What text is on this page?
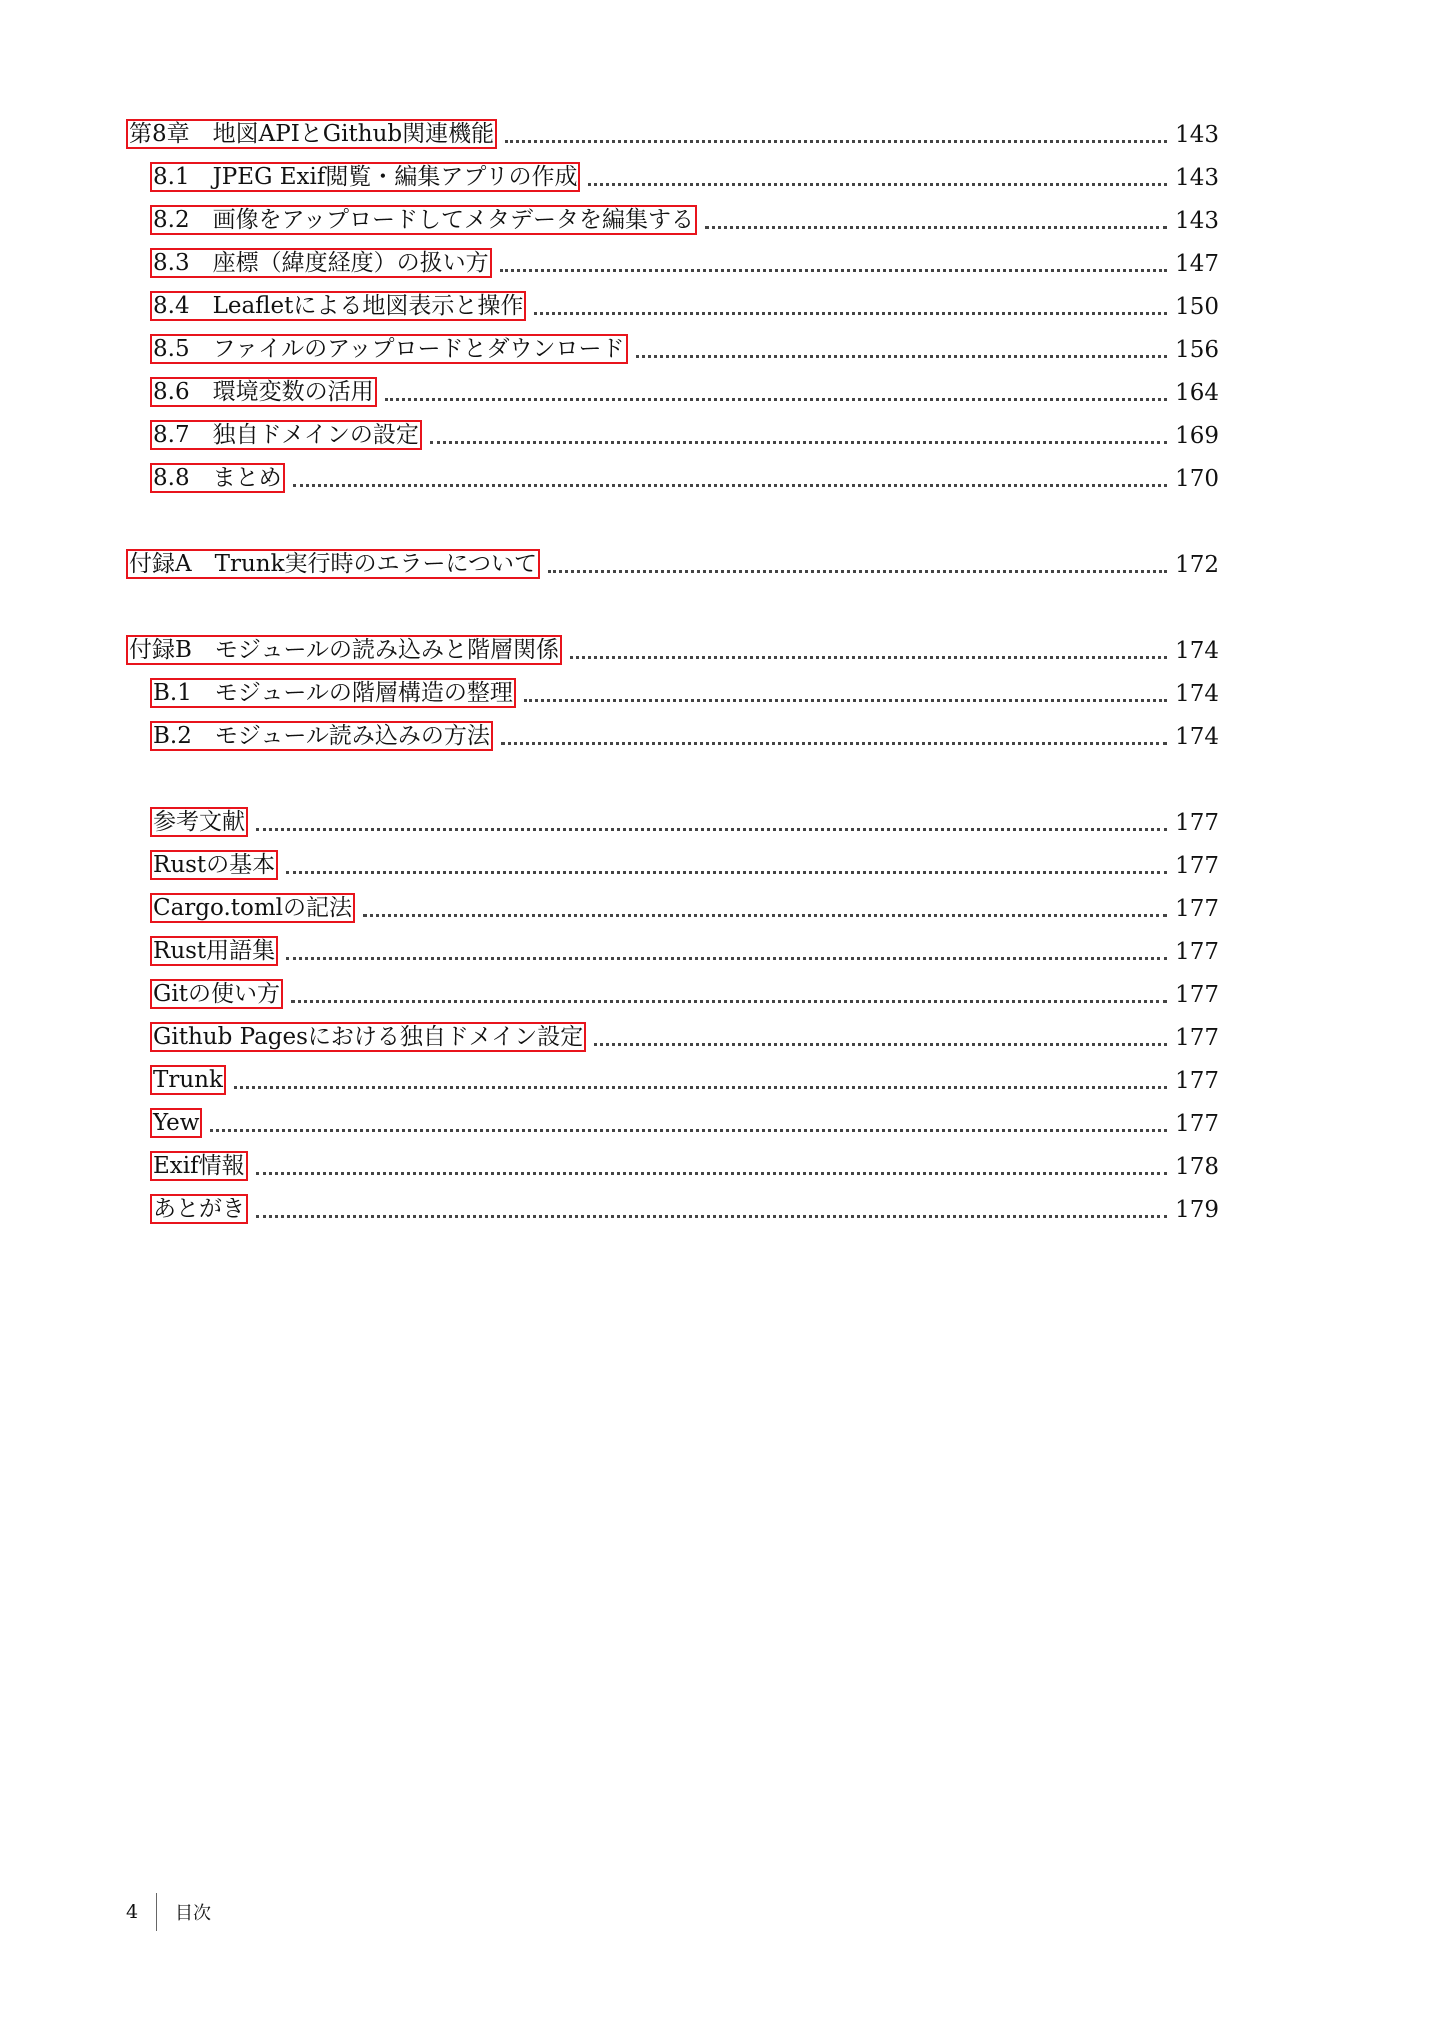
第8章　地図APIとGithub関連機能	143
8.1　JPEG Exif閲覧・編集アプリの作成	143
8.2　画像をアップロードしてメタデータを編集する	143
8.3　座標（緯度経度）の扱い方	147
8.4　Leafletによる地図表示と操作	150
8.5　ファイルのアップロードとダウンロード	156
8.6　環境変数の活用	164
8.7　独自ドメインの設定	169
8.8　まとめ	170
付録A　Trunk実行時のエラーについて	172
付録B　モジュールの読み込みと階層関係	174
B.1　モジュールの階層構造の整理	174
B.2　モジュール読み込みの方法	174
参考文献	177
Rustの基本	177
Cargo.tomlの記法	177
Rust用語集	177
Gitの使い方	177
Github Pagesにおける独自ドメイン設定	177
Trunk	177
Yew	177
Exif情報	178
あとがき	179
4	目次
